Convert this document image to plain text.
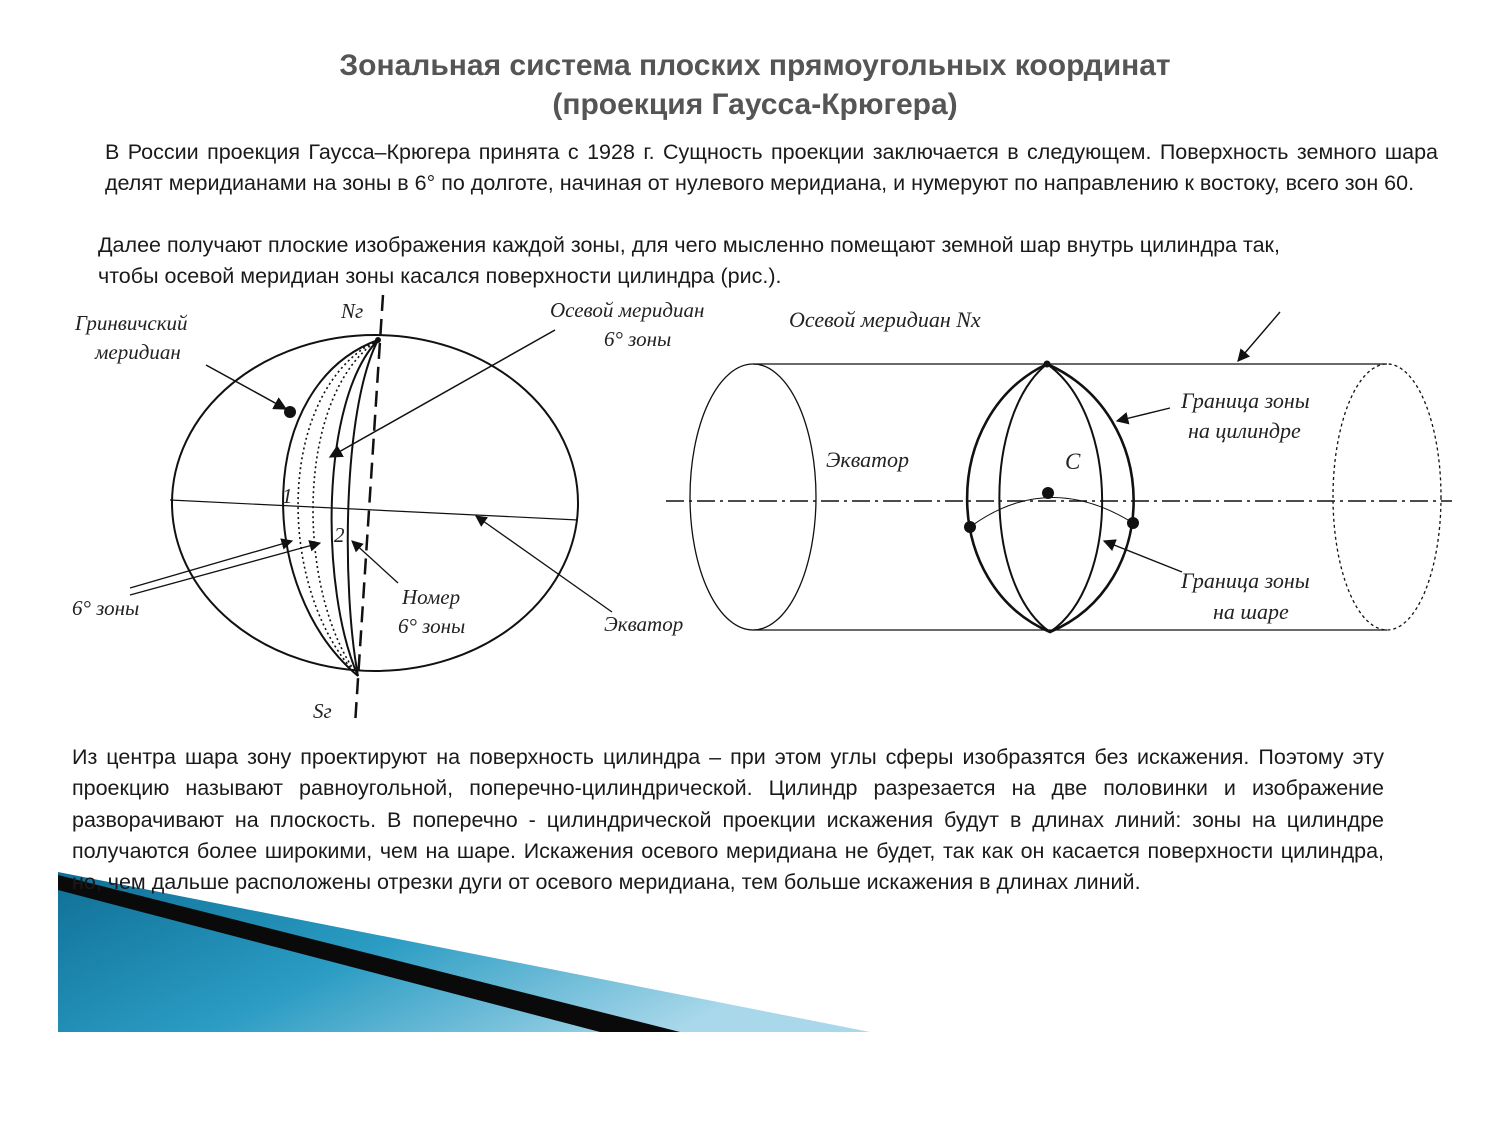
Зональная система плоских прямоугольных координат
(проекция Гаусса-Крюгера)

В России проекция Гаусса–Крюгера принята с 1928 г. Сущность проекции заключается в следующем. Поверхность земного шара делят меридианами на зоны в 6° по долготе, начиная от нулевого меридиана, и нумеруют по направлению к востоку, всего зон 60.

Далее получают плоские изображения каждой зоны, для чего мысленно помещают земной шар внутрь цилиндра так, чтобы осевой меридиан зоны касался поверхности цилиндра (рис.).

Nг
Sг
Гринвичский
меридиан
Осевой меридиан
6° зоны
1
2
6° зоны	Номер
6° зоны	Экватор
Осевой меридиан Nx
Экватор	C
Граница зоны
на цилиндре
Граница зоны
на шаре

Из центра шара зону проектируют на поверхность цилиндра – при этом углы сферы изобразятся без искажения. Поэтому эту проекцию называют равноугольной, поперечно-цилиндрической. Цилиндр разрезается на две половинки и изображение разворачивают на плоскость. В поперечно - цилиндрической проекции искажения будут в длинах линий: зоны на цилиндре получаются более широкими, чем на шаре. Искажения осевого меридиана не будет, так как он касается поверхности цилиндра, но, чем дальше расположены отрезки дуги от осевого меридиана, тем больше искажения в длинах линий.
